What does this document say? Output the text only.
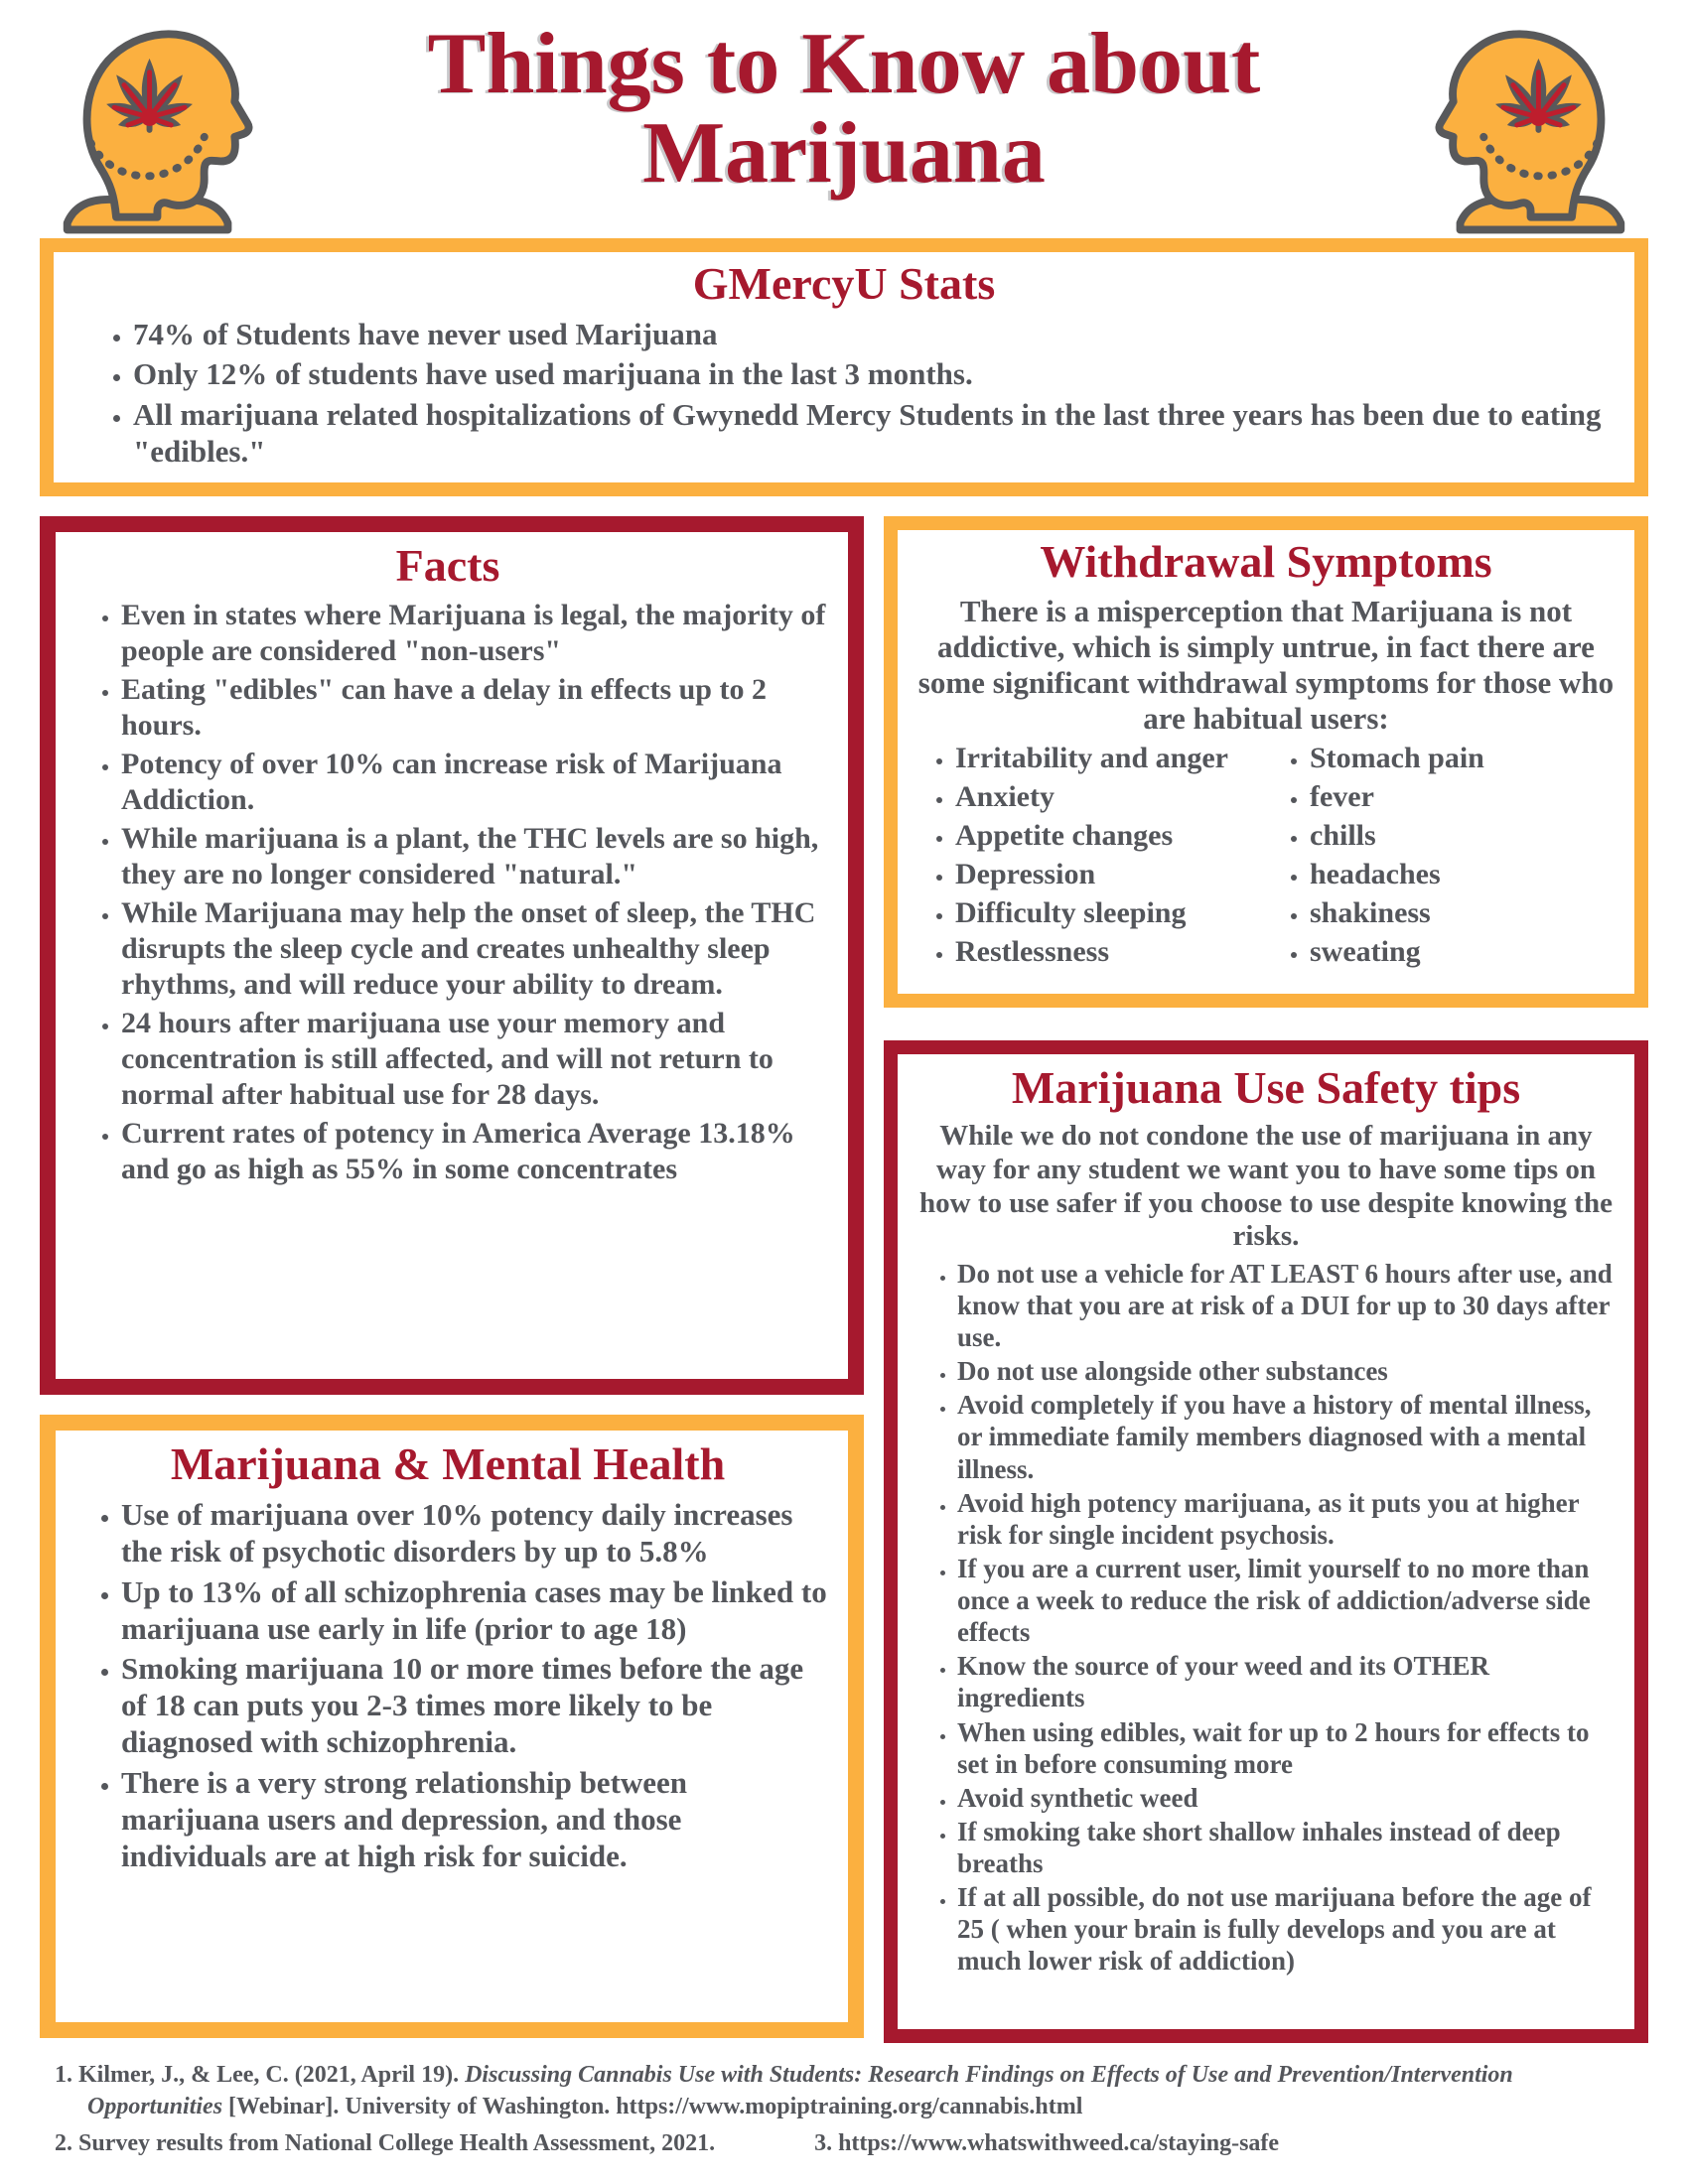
Things to Know about
Marijuana
GMercyU Stats
• 74% of Students have never used Marijuana
• Only 12% of students have used marijuana in the last 3 months.
• All marijuana related hospitalizations of Gwynedd Mercy Students in the last three years has been due to eating "edibles."
Facts
• Even in states where Marijuana is legal, the majority of people are considered "non-users"
• Eating "edibles" can have a delay in effects up to 2 hours.
• Potency of over 10% can increase risk of Marijuana Addiction.
• While marijuana is a plant, the THC levels are so high, they are no longer considered "natural."
• While Marijuana may help the onset of sleep, the THC disrupts the sleep cycle and creates unhealthy sleep rhythms, and will reduce your ability to dream.
• 24 hours after marijuana use your memory and concentration is still affected, and will not return to normal after habitual use for 28 days.
• Current rates of potency in America Average 13.18% and go as high as 55% in some concentrates
Marijuana & Mental Health
• Use of marijuana over 10% potency daily increases the risk of psychotic disorders by up to 5.8%
• Up to 13% of all schizophrenia cases may be linked to marijuana use early in life (prior to age 18)
• Smoking marijuana 10 or more times before the age of 18 can puts you 2-3 times more likely to be diagnosed with schizophrenia.
• There is a very strong relationship between marijuana users and depression, and those individuals are at high risk for suicide.
Withdrawal Symptoms

There is a misperception that Marijuana is not addictive, which is simply untrue, in fact there are some significant withdrawal symptoms for those who are habitual users:

• Irritability and anger
• Anxiety
• Appetite changes
• Depression
• Difficulty sleeping
• Restlessness
• Stomach pain
• fever
• chills
• headaches
• shakiness
• sweating
Marijuana Use Safety tips

While we do not condone the use of marijuana in any way for any student we want you to have some tips on how to use safer if you choose to use despite knowing the risks.

• Do not use a vehicle for AT LEAST 6 hours after use, and know that you are at risk of a DUI for up to 30 days after use.
• Do not use alongside other substances
• Avoid completely if you have a history of mental illness, or immediate family members diagnosed with a mental illness.
• Avoid high potency marijuana, as it puts you at higher risk for single incident psychosis.
• If you are a current user, limit yourself to no more than once a week to reduce the risk of addiction/adverse side effects
• Know the source of your weed and its OTHER ingredients
• When using edibles, wait for up to 2 hours for effects to set in before consuming more
• Avoid synthetic weed
• If smoking take short shallow inhales instead of deep breaths
• If at all possible, do not use marijuana before the age of 25 ( when your brain is fully develops and you are at much lower risk of addiction)

1. Kilmer, J., & Lee, C. (2021, April 19). Discussing Cannabis Use with Students: Research Findings on Effects of Use and Prevention/Intervention Opportunities [Webinar]. University of Washington. https://www.mopiptraining.org/cannabis.html

2. Survey results from National College Health Assessment, 2021.	3. https://www.whatswithweed.ca/staying-safe
